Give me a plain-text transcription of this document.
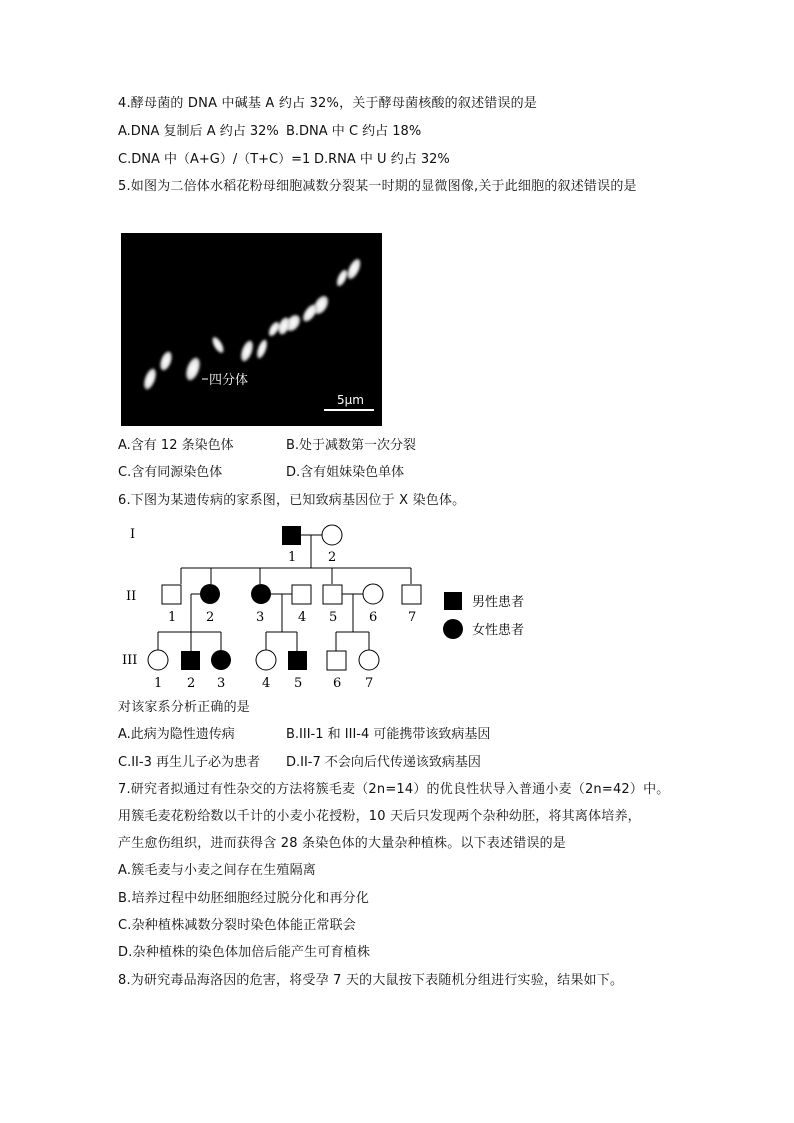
4.酵母菌的 DNA 中碱基 A 约占 32%，关于酵母菌核酸的叙述错误的是
A.DNA 复制后 A 约占 32% B.DNA 中 C 约占 18%
C.DNA 中（A+G）/（T+C）=1 D.RNA 中 U 约占 32%
5.如图为二倍体水稻花粉母细胞减数分裂某一时期的显微图像,关于此细胞的叙述错误的是
四分体
5μm
A.含有 12 条染色体	B.处于减数第一次分裂
C.含有同源染色体	D.含有姐妹染色单体
6.下图为某遗传病的家系图，已知致病基因位于 X 染色体。
I
II
III
1 2
1 2	3	4 5 6 7
1 2 3	4 5 6 7
男性患者
女性患者
对该家系分析正确的是
A.此病为隐性遗传病	B.III-1 和 III-4 可能携带该致病基因
C.II-3 再生儿子必为患者 D.II-7 不会向后代传递该致病基因
7.研究者拟通过有性杂交的方法将簇毛麦（2n=14）的优良性状导入普通小麦（2n=42）中。
用簇毛麦花粉给数以千计的小麦小花授粉，10 天后只发现两个杂种幼胚，将其离体培养，
产生愈伤组织，进而获得含 28 条染色体的大量杂种植株。以下表述错误的是
A.簇毛麦与小麦之间存在生殖隔离
B.培养过程中幼胚细胞经过脱分化和再分化
C.杂种植株减数分裂时染色体能正常联会
D.杂种植株的染色体加倍后能产生可育植株
8.为研究毒品海洛因的危害，将受孕 7 天的大鼠按下表随机分组进行实验，结果如下。
